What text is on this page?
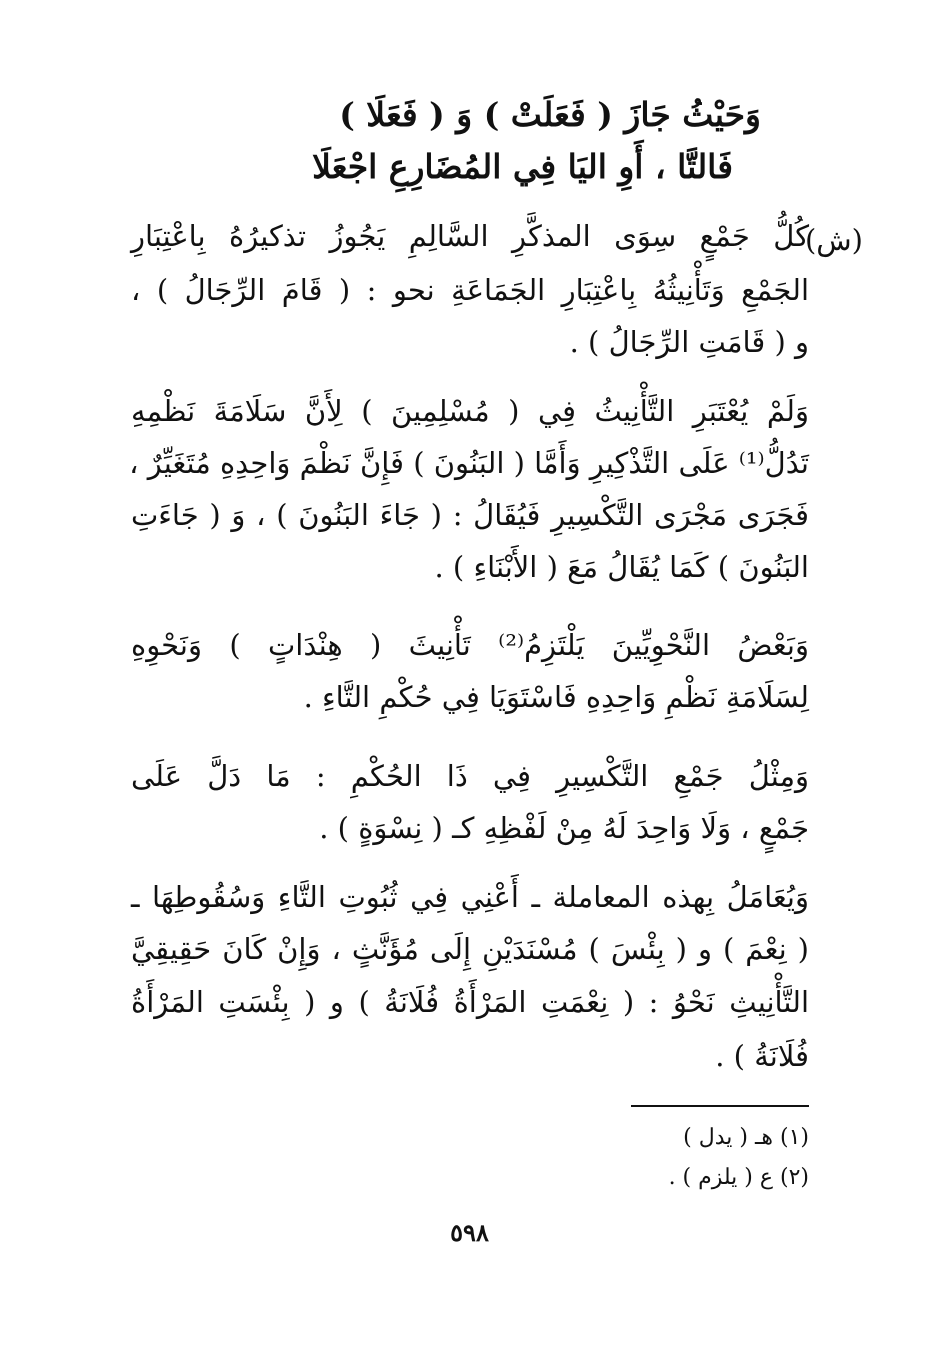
وَحَيْثُ جَازَ ( فَعَلَتْ ) وَ ( فَعَلَا )
فَالتَّا ، أَوِ اليَا فِي المُضَارِعِ اجْعَلَا
(ش)
كُلُّ جَمْعٍ سِوَى المذكَّرِ السَّالِمِ يَجُوزُ تذكيرُهُ بِاعْتِبَارِ
الجَمْعِ وَتَأْنِيثُهُ بِاعْتِبَارِ الجَمَاعَةِ نحو : ( قَامَ الرِّجَالُ ) ،
و ( قَامَتِ الرِّجَالُ ) .
وَلَمْ يُعْتَبَرِ التَّأْنِيثُ فِي ( مُسْلِمِينَ ) لِأَنَّ سَلَامَةَ نَظْمِهِ
تَدُلُّ⁽¹⁾ عَلَى التَّذْكِيرِ وَأَمَّا ( البَنُونَ ) فَإِنَّ نَظْمَ وَاحِدِهِ مُتَغَيِّرٌ ،
فَجَرَى مَجْرَى التَّكْسِيرِ فَيُقَالُ : ( جَاءَ البَنُونَ ) ، وَ ( جَاءَتِ
البَنُونَ ) كَمَا يُقَالُ مَعَ ( الأَبْنَاءِ ) .
وَبَعْضُ النَّحْوِيِّينَ يَلْتَزِمُ⁽²⁾ تَأْنِيثَ ( هِنْدَاتٍ ) وَنَحْوِهِ
لِسَلَامَةِ نَظْمِ وَاحِدِهِ فَاسْتَوَيَا فِي حُكْمِ التَّاءِ .
وَمِثْلُ جَمْعِ التَّكْسِيرِ فِي ذَا الحُكْمِ : مَا دَلَّ عَلَى
جَمْعٍ ، وَلَا وَاحِدَ لَهُ مِنْ لَفْظِهِ كـ ( نِسْوَةٍ ) .
وَيُعَامَلُ بِهذه المعاملة ـ أَعْنِي فِي ثُبُوتِ التَّاءِ وَسُقُوطِهَا ـ
( نِعْمَ ) و ( بِئْسَ ) مُسْنَدَيْنِ إِلَى مُؤَنَّثٍ ، وَإِنْ كَانَ حَقِيقِيَّ
التَّأْنِيثِ نَحْوُ : ( نِعْمَتِ المَرْأَةُ فُلَانَةُ ) و ( بِئْسَتِ المَرْأَةُ
فُلَانَةُ ) .
(١) هـ ( يدل )
(٢) ع ( يلزم ) .
٥٩٨
